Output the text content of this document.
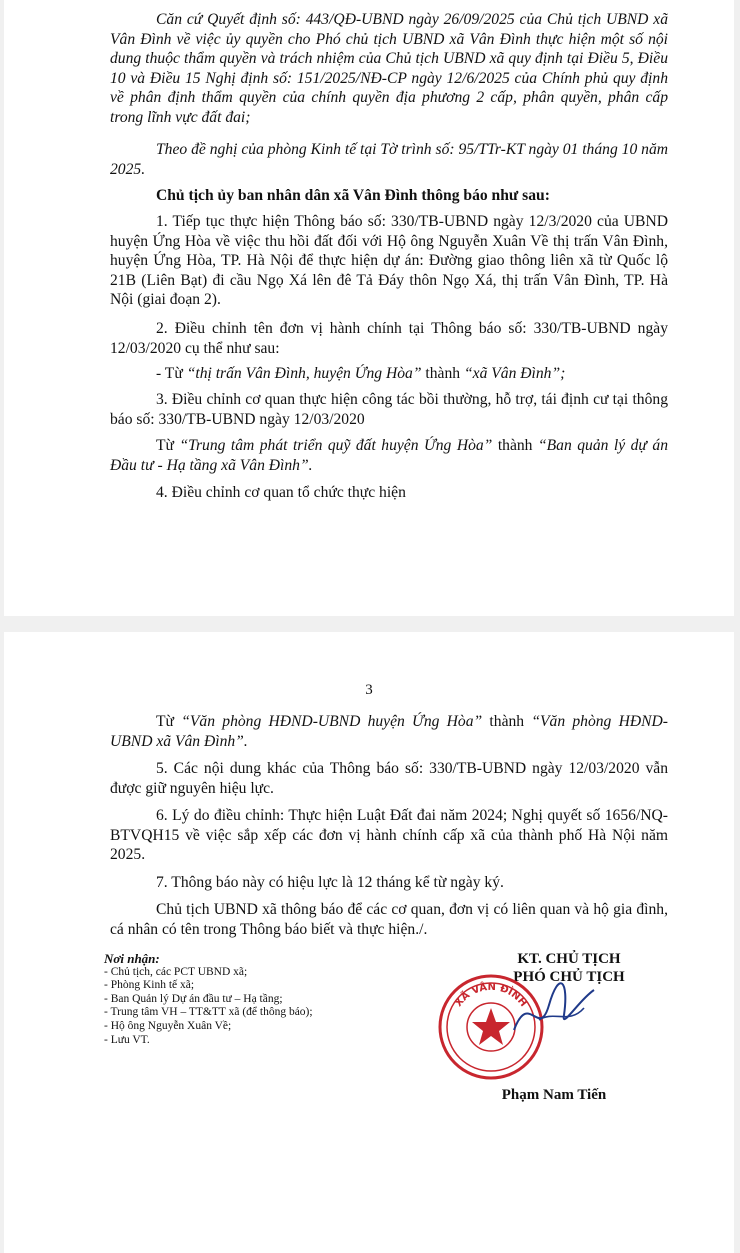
Căn cứ Quyết định số: 443/QĐ-UBND ngày 26/09/2025 của Chủ tịch UBND xã Vân Đình về việc ủy quyền cho Phó chủ tịch UBND xã Vân Đình thực hiện một số nội dung thuộc thẩm quyền và trách nhiệm của Chủ tịch UBND xã quy định tại Điều 5, Điều 10 và Điều 15 Nghị định số: 151/2025/NĐ-CP ngày 12/6/2025 của Chính phủ quy định về phân định thẩm quyền của chính quyền địa phương 2 cấp, phân quyền, phân cấp trong lĩnh vực đất đai;

Theo đề nghị của phòng Kinh tế tại Tờ trình số: 95/TTr-KT ngày 01 tháng 10 năm 2025.

Chủ tịch ủy ban nhân dân xã Vân Đình thông báo như sau:

1. Tiếp tục thực hiện Thông báo số: 330/TB-UBND ngày 12/3/2020 của UBND huyện Ứng Hòa về việc thu hồi đất đối với Hộ ông Nguyễn Xuân Về thị trấn Vân Đình, huyện Ứng Hòa, TP. Hà Nội để thực hiện dự án: Đường giao thông liên xã từ Quốc lộ 21B (Liên Bạt) đi cầu Ngọ Xá lên đê Tả Đáy thôn Ngọ Xá, thị trấn Vân Đình, TP. Hà Nội (giai đoạn 2).

2. Điều chỉnh tên đơn vị hành chính tại Thông báo số: 330/TB-UBND ngày 12/03/2020 cụ thể như sau:

- Từ “thị trấn Vân Đình, huyện Ứng Hòa” thành “xã Vân Đình”;

3. Điều chỉnh cơ quan thực hiện công tác bồi thường, hỗ trợ, tái định cư tại thông báo số: 330/TB-UBND ngày 12/03/2020

Từ “Trung tâm phát triển quỹ đất huyện Ứng Hòa” thành “Ban quản lý dự án Đầu tư - Hạ tầng xã Vân Đình”.

4. Điều chỉnh cơ quan tổ chức thực hiện

3

Từ “Văn phòng HĐND-UBND huyện Ứng Hòa” thành “Văn phòng HĐND-UBND xã Vân Đình”.

5. Các nội dung khác của Thông báo số: 330/TB-UBND ngày 12/03/2020 vẫn được giữ nguyên hiệu lực.

6. Lý do điều chỉnh: Thực hiện Luật Đất đai năm 2024; Nghị quyết số 1656/NQ-BTVQH15 về việc sắp xếp các đơn vị hành chính cấp xã của thành phố Hà Nội năm 2025.

7. Thông báo này có hiệu lực là 12 tháng kể từ ngày ký.

Chủ tịch UBND xã thông báo để các cơ quan, đơn vị có liên quan và hộ gia đình, cá nhân có tên trong Thông báo biết và thực hiện./.

Nơi nhận:
- Chủ tịch, các PCT UBND xã;
- Phòng Kinh tế xã;
- Ban Quản lý Dự án đầu tư – Hạ tầng;
- Trung tâm VH – TT&TT xã (để thông báo);
- Hộ ông Nguyễn Xuân Về;
- Lưu VT.
KT. CHỦ TỊCH
PHÓ CHỦ TỊCH
XÃ VÂN ĐÌNH
Phạm Nam Tiến
